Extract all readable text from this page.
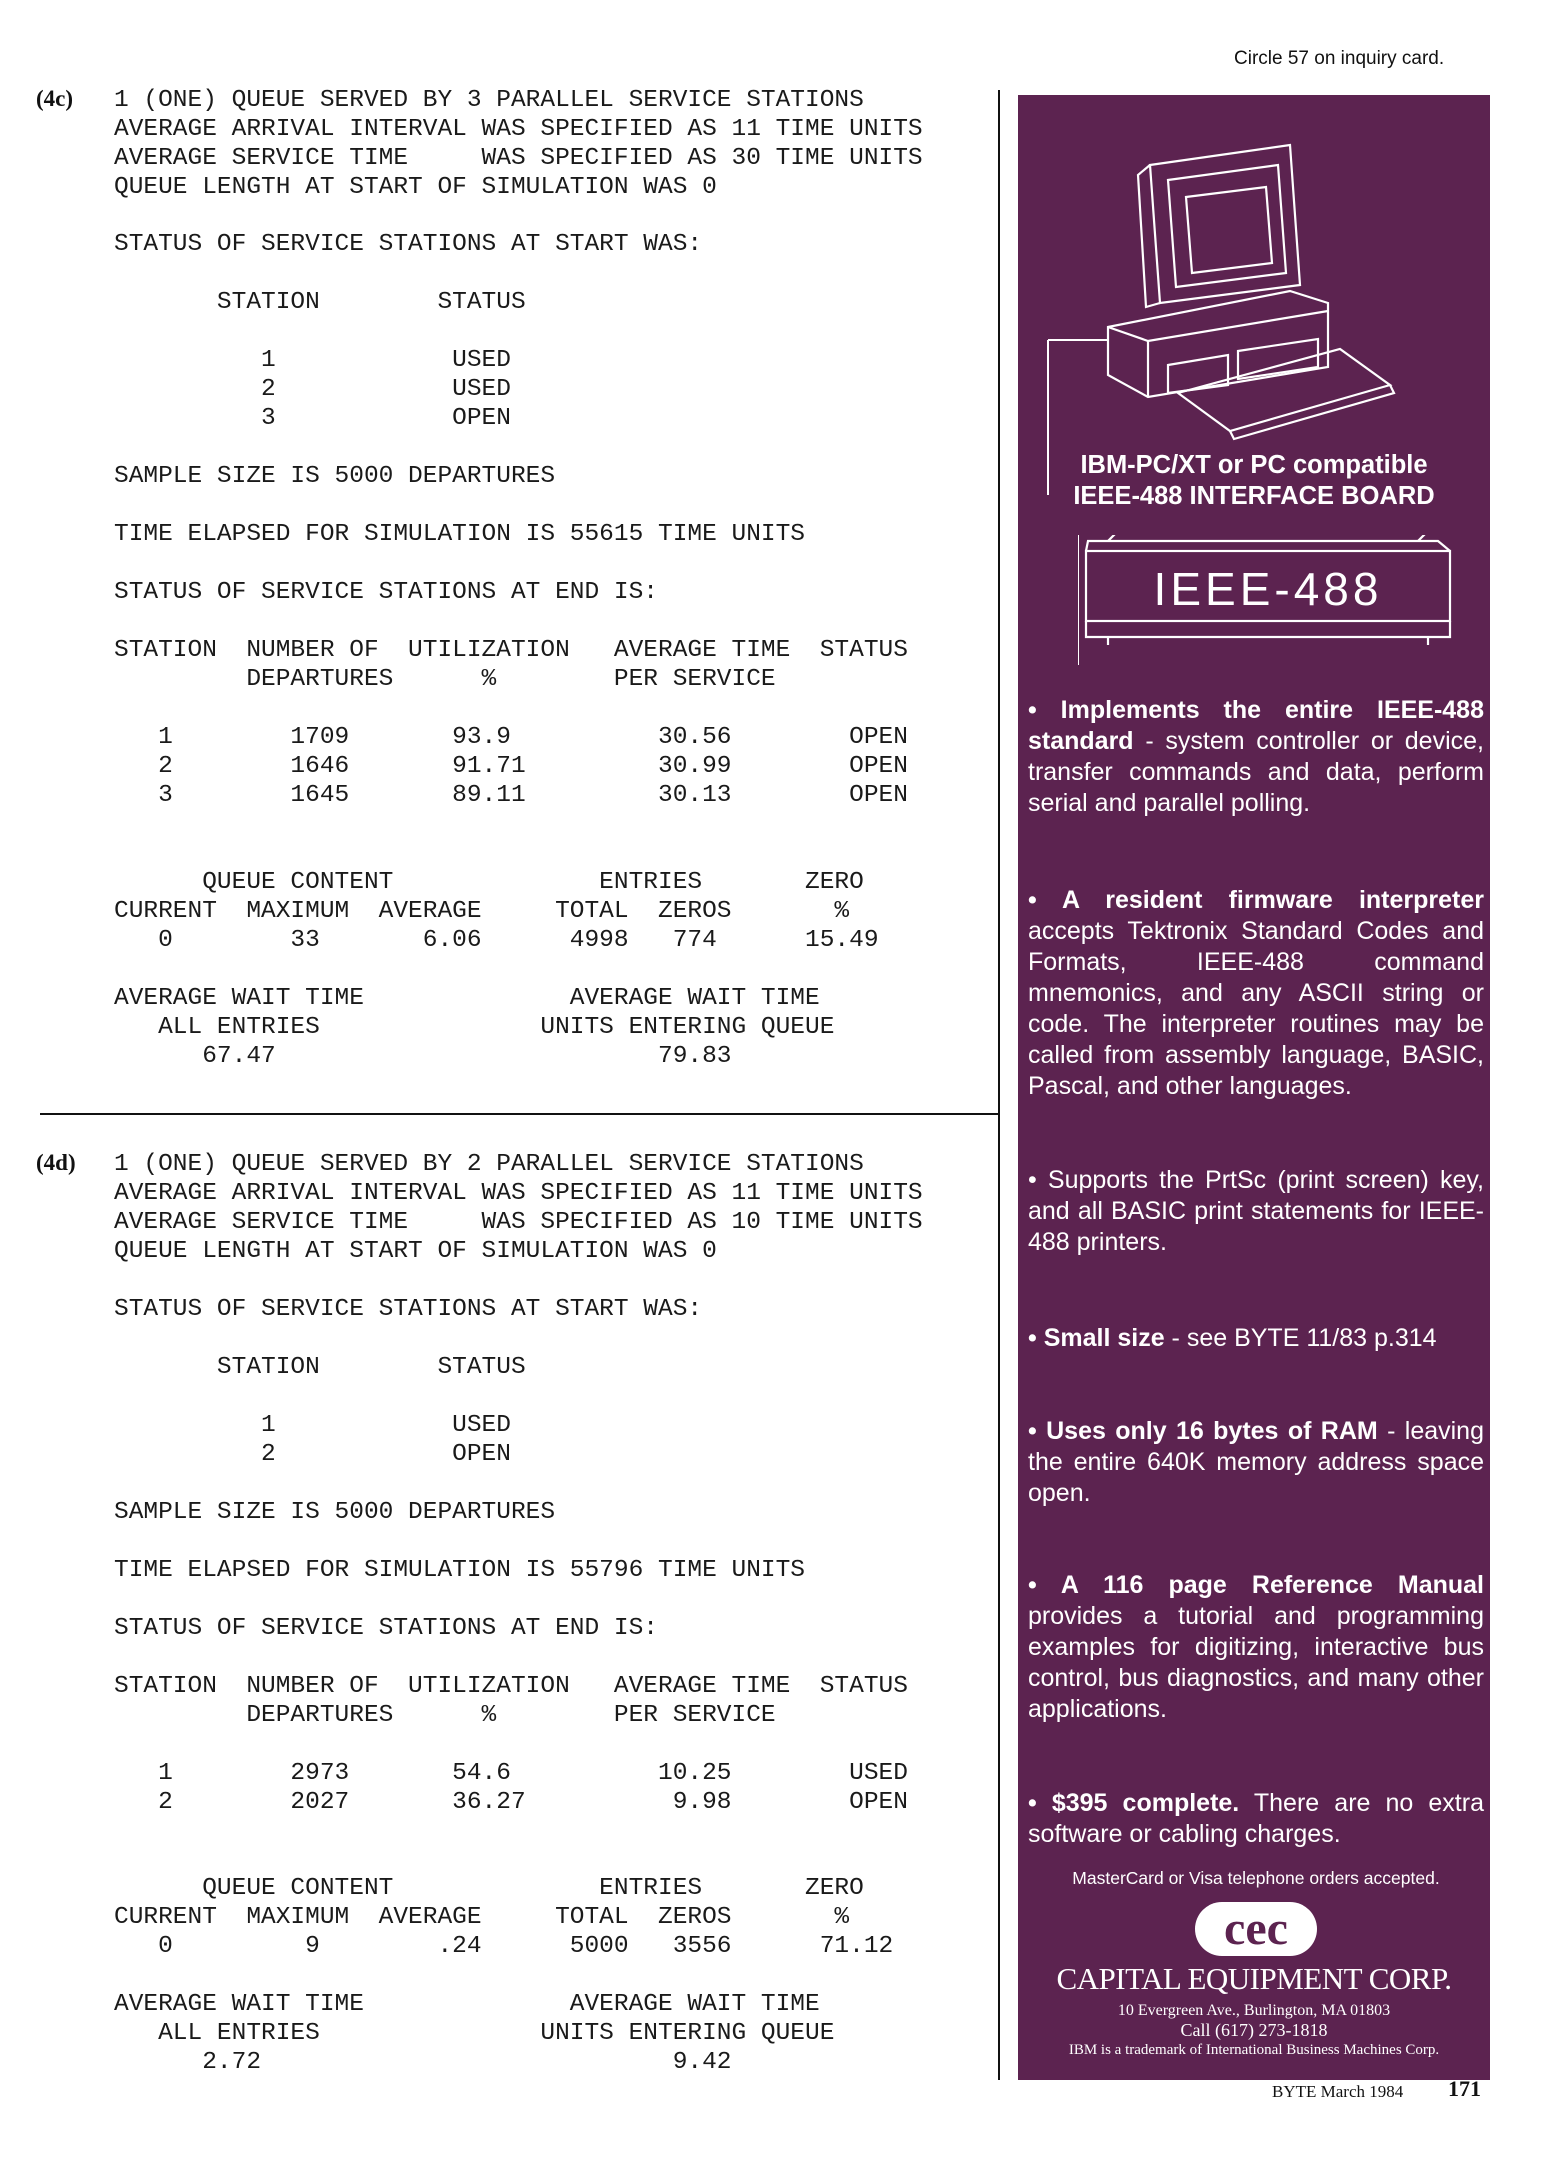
(4c) 1 (ONE) QUEUE SERVED BY 3 PARALLEL SERVICE STATIONS
AVERAGE ARRIVAL INTERVAL WAS SPECIFIED AS 11 TIME UNITS
AVERAGE SERVICE TIME     WAS SPECIFIED AS 30 TIME UNITS
QUEUE LENGTH AT START OF SIMULATION WAS 0
STATUS OF SERVICE STATIONS AT START WAS:
STATION        STATUS
1            USED
2            USED
3            OPEN
SAMPLE SIZE IS 5000 DEPARTURES
TIME ELAPSED FOR SIMULATION IS 55615 TIME UNITS
STATUS OF SERVICE STATIONS AT END IS:
STATION  NUMBER OF  UTILIZATION   AVERAGE TIME  STATUS
DEPARTURES      %        PER SERVICE
1        1709       93.9          30.56        OPEN
2        1646       91.71         30.99        OPEN
3        1645       89.11         30.13        OPEN
QUEUE CONTENT              ENTRIES       ZERO
CURRENT  MAXIMUM  AVERAGE     TOTAL  ZEROS       %
0        33       6.06      4998   774      15.49
AVERAGE WAIT TIME              AVERAGE WAIT TIME
ALL ENTRIES               UNITS ENTERING QUEUE
67.47                          79.83
(4d) 1 (ONE) QUEUE SERVED BY 2 PARALLEL SERVICE STATIONS
AVERAGE ARRIVAL INTERVAL WAS SPECIFIED AS 11 TIME UNITS
AVERAGE SERVICE TIME     WAS SPECIFIED AS 10 TIME UNITS
QUEUE LENGTH AT START OF SIMULATION WAS 0
STATUS OF SERVICE STATIONS AT START WAS:
STATION        STATUS
1            USED
2            OPEN
SAMPLE SIZE IS 5000 DEPARTURES
TIME ELAPSED FOR SIMULATION IS 55796 TIME UNITS
STATUS OF SERVICE STATIONS AT END IS:
STATION  NUMBER OF  UTILIZATION   AVERAGE TIME  STATUS
DEPARTURES      %        PER SERVICE
1        2973       54.6          10.25        USED
2        2027       36.27          9.98        OPEN
QUEUE CONTENT              ENTRIES       ZERO
CURRENT  MAXIMUM  AVERAGE     TOTAL  ZEROS       %
0         9        .24      5000   3556      71.12
AVERAGE WAIT TIME              AVERAGE WAIT TIME
ALL ENTRIES               UNITS ENTERING QUEUE
2.72                            9.42
Circle 57 on inquiry card.
IBM-PC/XT or PC compatible
IEEE-488 INTERFACE BOARD
IEEE-488
• Implements the entire IEEE-488 standard - system controller or device, transfer commands and data, perform serial and parallel polling.
• A resident firmware interpreter accepts Tektronix Standard Codes and Formats, IEEE-488 command mnemonics, and any ASCII string or code. The interpreter routines may be called from assembly language, BASIC, Pascal, and other languages.
• Supports the PrtSc (print screen) key, and all BASIC print statements for IEEE-488 printers.
• Small size - see BYTE 11/83 p.314
• Uses only 16 bytes of RAM - leaving the entire 640K memory address space open.
• A 116 page Reference Manual provides a tutorial and programming examples for digitizing, interactive bus control, bus diagnostics, and many other applications.
• $395 complete. There are no extra software or cabling charges.
MasterCard or Visa telephone orders accepted.
cec
CAPITAL EQUIPMENT CORP.
10 Evergreen Ave., Burlington, MA 01803
Call (617) 273-1818
IBM is a trademark of International Business Machines Corp.
BYTE March 1984 171
